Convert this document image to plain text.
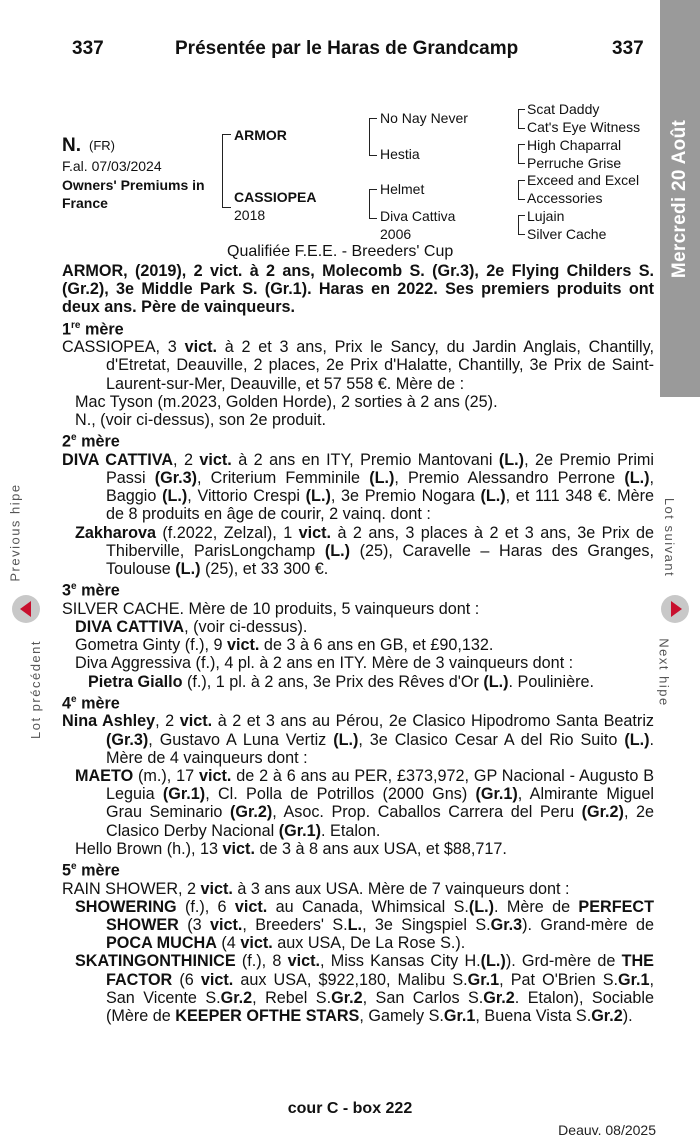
337	Présentée par le Haras de Grandcamp	337
Mercredi 20 Août
Previous hipe
Lot précédent
Lot suivant
Next hipe
N. (FR)
F.al. 07/03/2024
Owners' Premiums in France
ARMOR
CASSIOPEA
2018
No Nay Never
Hestia
Helmet
Diva Cattiva
2006
Scat Daddy
Cat's Eye Witness
High Chaparral
Perruche Grise
Exceed and Excel
Accessories
Lujain
Silver Cache
Qualifiée F.E.E. - Breeders' Cup

ARMOR, (2019), 2 vict. à 2 ans, Molecomb S. (Gr.3), 2e Flying Childers S. (Gr.2), 3e Middle Park S. (Gr.1). Haras en 2022. Ses premiers produits ont deux ans. Père de vainqueurs.

1re mère

CASSIOPEA, 3 vict. à 2 et 3 ans, Prix le Sancy, du Jardin Anglais, Chantilly, d'Etretat, Deauville, 2 places, 2e Prix d'Halatte, Chantilly, 3e Prix de Saint-Laurent-sur-Mer, Deauville, et 57 558 €. Mère de :

Mac Tyson (m.2023, Golden Horde), 2 sorties à 2 ans (25).

N., (voir ci-dessus), son 2e produit.

2e mère

DIVA CATTIVA, 2 vict. à 2 ans en ITY, Premio Mantovani (L.), 2e Premio Primi Passi (Gr.3), Criterium Femminile (L.), Premio Alessandro Perrone (L.), Baggio (L.), Vittorio Crespi (L.), 3e Premio Nogara (L.), et 111 348 €. Mère de 8 produits en âge de courir, 2 vainq. dont :

Zakharova (f.2022, Zelzal), 1 vict. à 2 ans, 3 places à 2 et 3 ans, 3e Prix de Thiberville, ParisLongchamp (L.) (25), Caravelle – Haras des Granges, Toulouse (L.) (25), et 33 300 €.

3e mère

SILVER CACHE. Mère de 10 produits, 5 vainqueurs dont :

DIVA CATTIVA, (voir ci-dessus).

Gometra Ginty (f.), 9 vict. de 3 à 6 ans en GB, et £90,132.

Diva Aggressiva (f.), 4 pl. à 2 ans en ITY. Mère de 3 vainqueurs dont :

Pietra Giallo (f.), 1 pl. à 2 ans, 3e Prix des Rêves d'Or (L.). Poulinière.

4e mère

Nina Ashley, 2 vict. à 2 et 3 ans au Pérou, 2e Clasico Hipodromo Santa Beatriz (Gr.3), Gustavo A Luna Vertiz (L.), 3e Clasico Cesar A del Rio Suito (L.). Mère de 4 vainqueurs dont :

MAETO (m.), 17 vict. de 2 à 6 ans au PER, £373,972, GP Nacional - Augusto B Leguia (Gr.1), Cl. Polla de Potrillos (2000 Gns) (Gr.1), Almirante Miguel Grau Seminario (Gr.2), Asoc. Prop. Caballos Carrera del Peru (Gr.2), 2e Clasico Derby Nacional (Gr.1). Etalon.

Hello Brown (h.), 13 vict. de 3 à 8 ans aux USA, et $88,717.

5e mère

RAIN SHOWER, 2 vict. à 3 ans aux USA. Mère de 7 vainqueurs dont :

SHOWERING (f.), 6 vict. au Canada, Whimsical S.(L.). Mère de PERFECT SHOWER (3 vict., Breeders' S.L., 3e Singspiel S.Gr.3). Grand-mère de POCA MUCHA (4 vict. aux USA, De La Rose S.).

SKATINGONTHINICE (f.), 8 vict., Miss Kansas City H.(L.)). Grd-mère de THE FACTOR (6 vict. aux USA, $922,180, Malibu S.Gr.1, Pat O'Brien S.Gr.1, San Vicente S.Gr.2, Rebel S.Gr.2, San Carlos S.Gr.2. Etalon), Sociable (Mère de KEEPER OFTHE STARS, Gamely S.Gr.1, Buena Vista S.Gr.2).

cour C - box 222
Deauv. 08/2025
